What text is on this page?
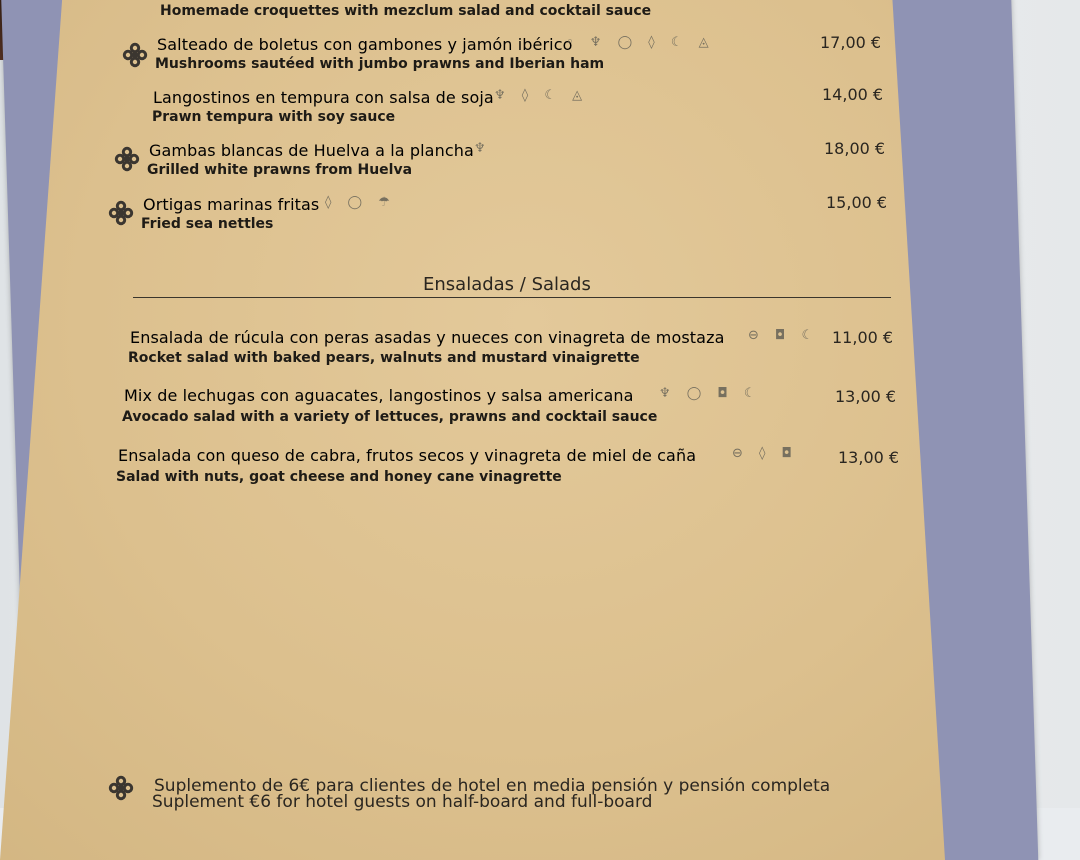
Homemade croquettes with mezclum salad and cocktail sauce
Salteado de boletus con gambones y jamón ibérico
◦ ♆ ◯ ◊ ☾ ◬
Mushrooms sautéed with jumbo prawns and Iberian ham
17,00 €
Langostinos en tempura con salsa de soja ♆ ◊ ☾ ◬
Prawn tempura with soy sauce
14,00 €
Gambas blancas de Huelva a la plancha ♆
Grilled white prawns from Huelva
18,00 €
Ortigas marinas fritas ◊ ◯ ☂
Fried sea nettles
15,00 €
Ensaladas / Salads
Ensalada de rúcula con peras asadas y nueces con vinagreta de mostaza ⊖ ◘ ☾
Rocket salad with baked pears, walnuts and mustard vinaigrette
11,00 €
Mix de lechugas con aguacates, langostinos y salsa americana ♆ ◯ ◘ ☾
Avocado salad with a variety of lettuces, prawns and cocktail sauce
13,00 €
Ensalada con queso de cabra, frutos secos y vinagreta de miel de caña	⊖ ◊ ◘
Salad with nuts, goat cheese and honey cane vinagrette
13,00 €
Suplemento de 6€ para clientes de hotel en media pensión y pensión completa
Suplement €6 for hotel guests on half-board and full-board
